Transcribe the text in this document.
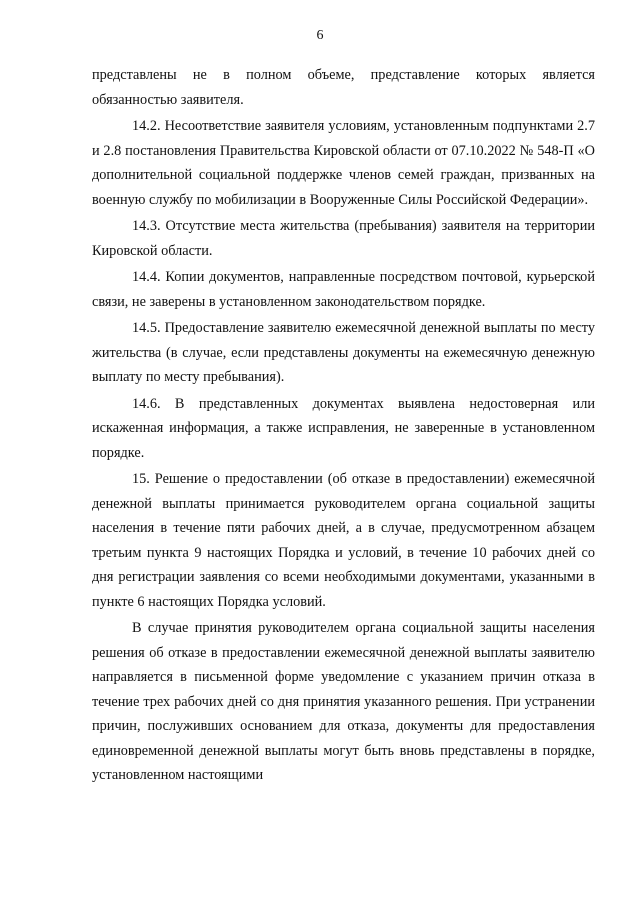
6

представлены не в полном объеме, представление которых является обязанностью заявителя.

14.2. Несоответствие заявителя условиям, установленным подпунктами 2.7 и 2.8 постановления Правительства Кировской области от 07.10.2022 № 548-П «О дополнительной социальной поддержке членов семей граждан, призванных на военную службу по мобилизации в Вооруженные Силы Российской Федерации».

14.3. Отсутствие места жительства (пребывания) заявителя на территории Кировской области.

14.4. Копии документов, направленные посредством почтовой, курьерской связи, не заверены в установленном законодательством порядке.

14.5. Предоставление заявителю ежемесячной денежной выплаты по месту жительства (в случае, если представлены документы на ежемесячную денежную выплату по месту пребывания).

14.6. В представленных документах выявлена недостоверная или искаженная информация, а также исправления, не заверенные в установленном порядке.

15. Решение о предоставлении (об отказе в предоставлении) ежемесячной денежной выплаты принимается руководителем органа социальной защиты населения в течение пяти рабочих дней, а в случае, предусмотренном абзацем третьим пункта 9 настоящих Порядка и условий, в течение 10 рабочих дней со дня регистрации заявления со всеми необходимыми документами, указанными в пункте 6 настоящих Порядка условий.

В случае принятия руководителем органа социальной защиты населения решения об отказе в предоставлении ежемесячной денежной выплаты заявителю направляется в письменной форме уведомление с указанием причин отказа в течение трех рабочих дней со дня принятия указанного решения. При устранении причин, послуживших основанием для отказа, документы для предоставления единовременной денежной выплаты могут быть вновь представлены в порядке, установленном настоящими
